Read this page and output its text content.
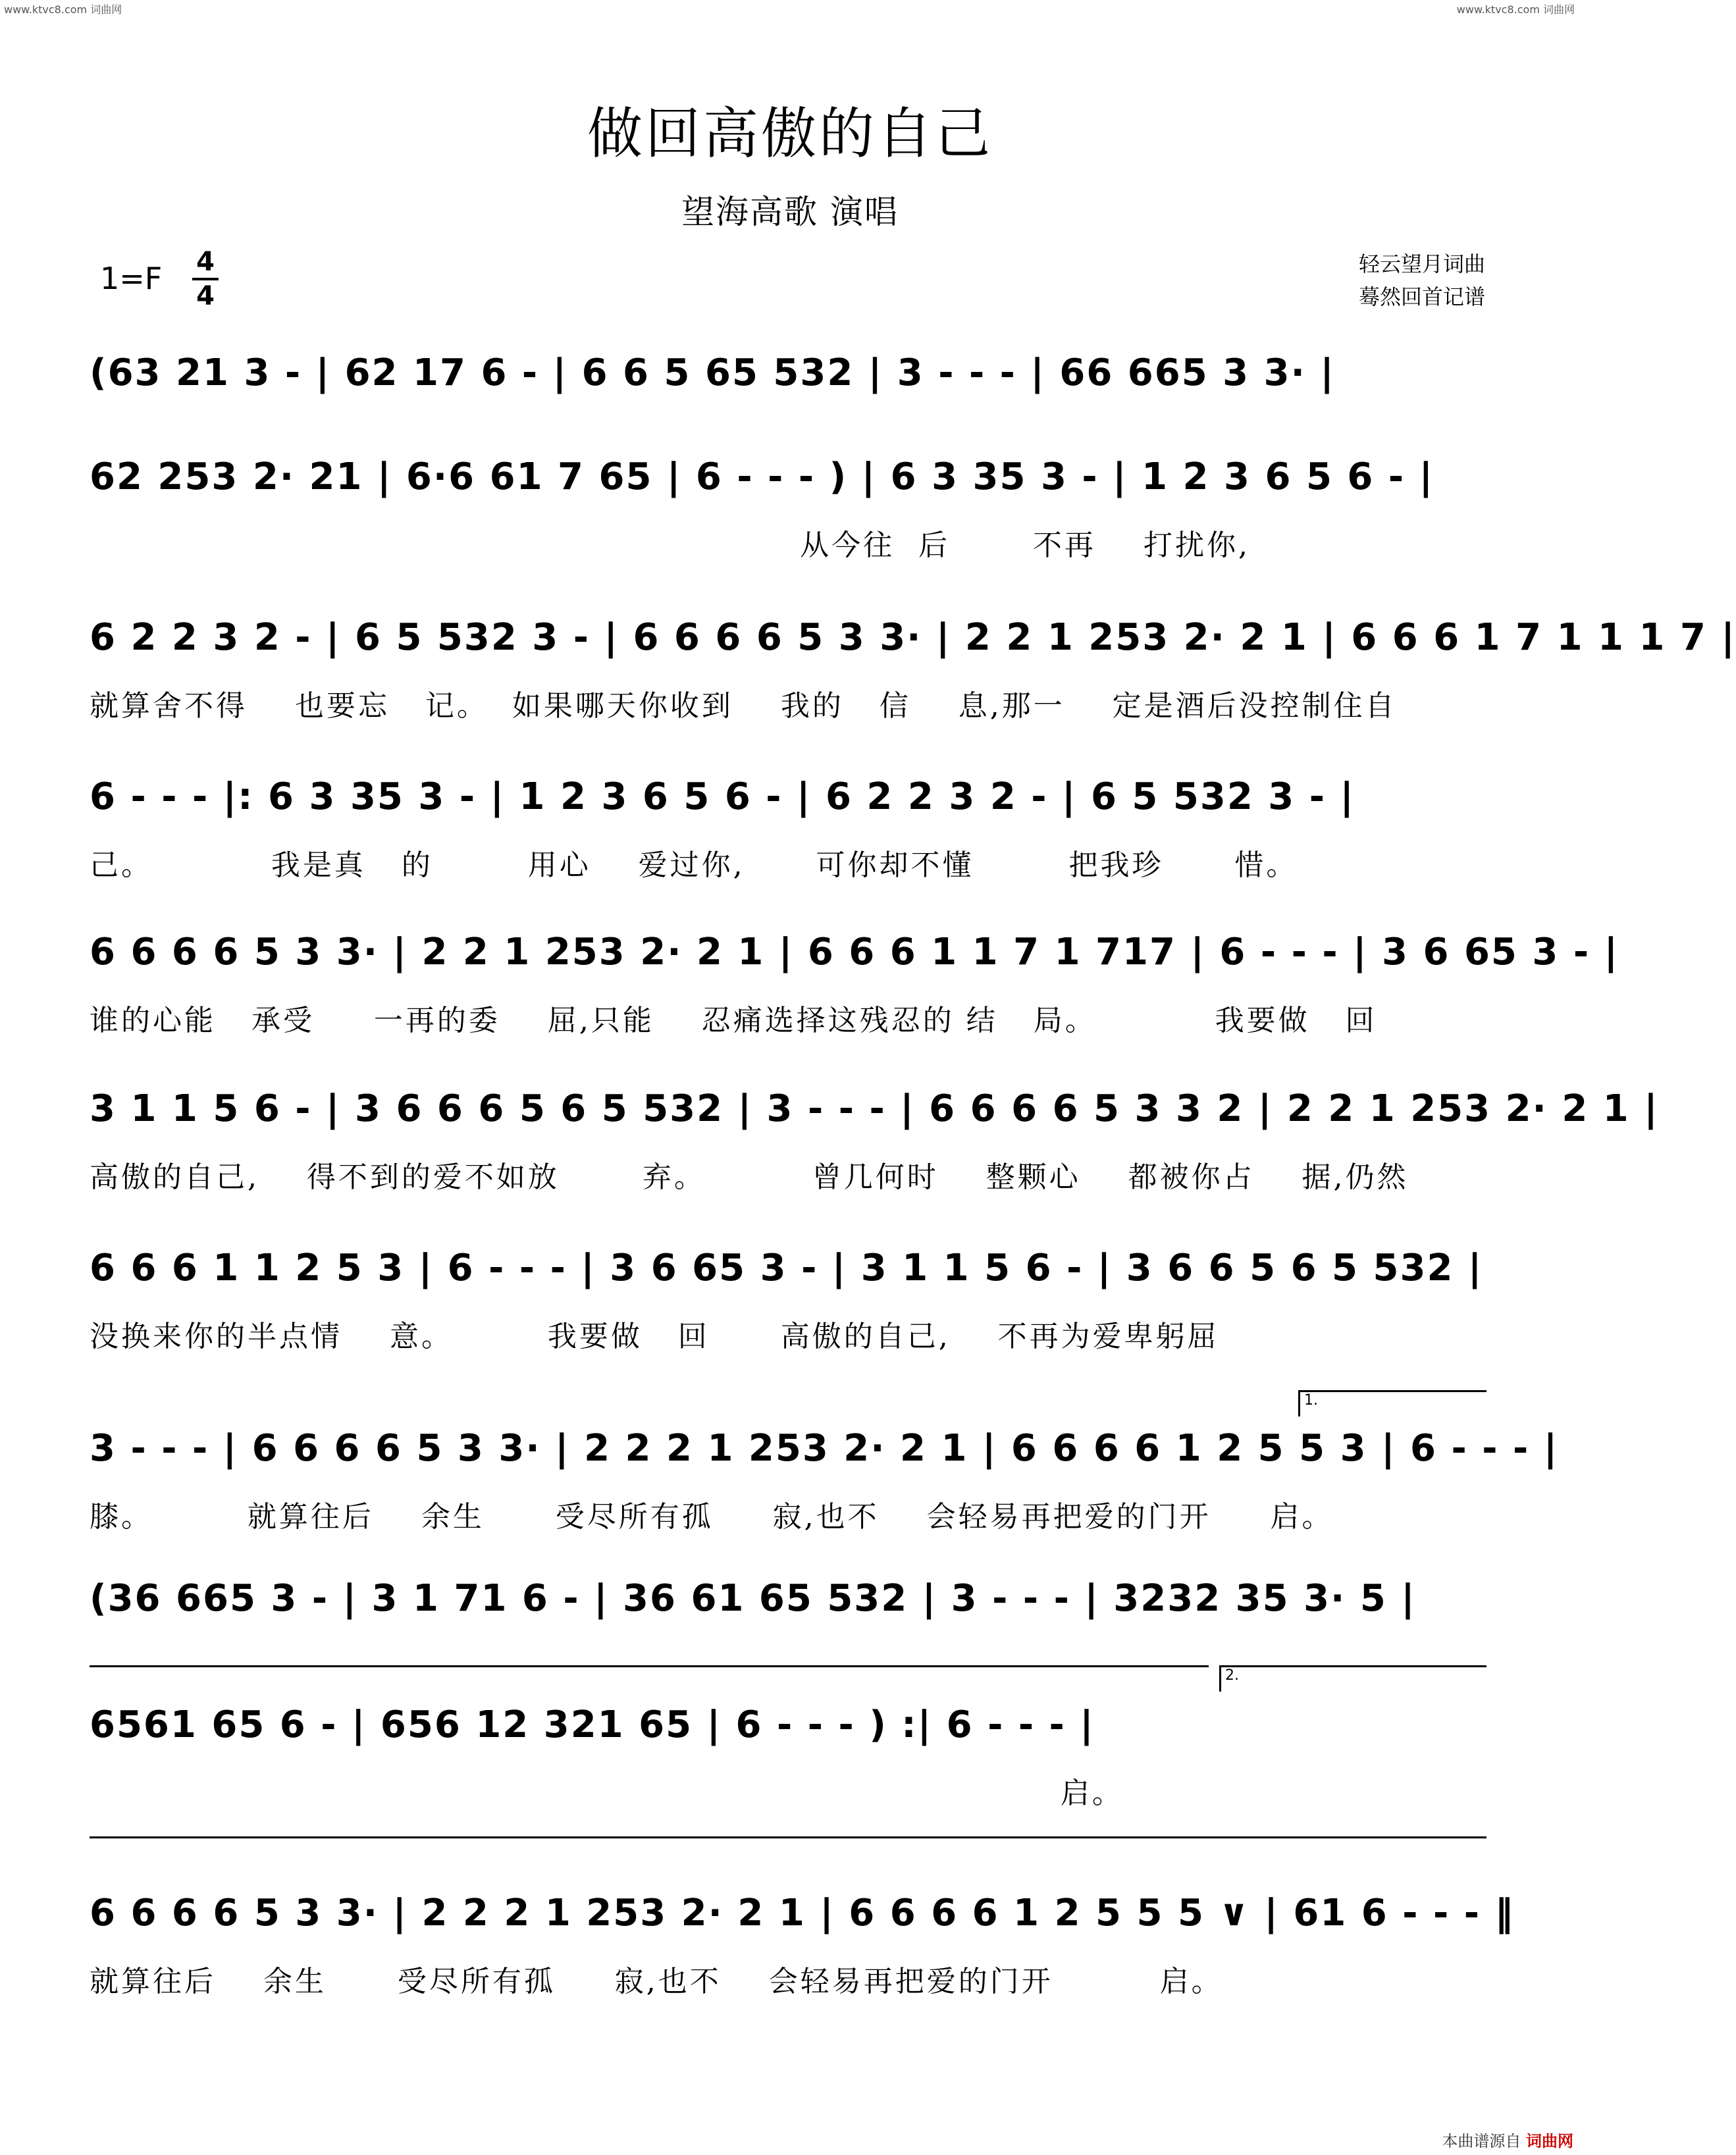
www.ktvc8.com 词曲网	www.ktvc8.com 词曲网
本曲谱源自 词曲网
做回高傲的自己
望海高歌 演唱
1=F 4
4
轻云望月词曲
蓦然回首记谱
(63 21 3 - | 62 17 6 - | 6 6 5 65 532 | 3 - - - | 66 665 3 3· |
62 253 2· 21 | 6·6 61 7 65 | 6 - - - ) | 6 3 35 3 - | 1 2 3 6 5 6 - |
从今往  后       不再    打扰你,
6 2 2 3 2 - | 6 5 532 3 - | 6 6 6 6 5 3 3· | 2 2 1 253 2· 2 1 | 6 6 6 1 7 1 1 1 7 |
就算舍不得    也要忘   记。  如果哪天你收到    我的   信    息,那一    定是酒后没控制住自
6 - - - |: 6 3 35 3 - | 1 2 3 6 5 6 - | 6 2 2 3 2 - | 6 5 532 3 - |
己。          我是真   的        用心    爱过你,      可你却不懂        把我珍      惜。
6 6 6 6 5 3 3· | 2 2 1 253 2· 2 1 | 6 6 6 1 1 7 1 717 | 6 - - - | 3 6 65 3 - |
谁的心能   承受     一再的委    屈,只能    忍痛选择这残忍的 结   局。          我要做   回
3 1 1 5 6 - | 3 6 6 6 5 6 5 532 | 3 - - - | 6 6 6 6 5 3 3 2 | 2 2 1 253 2· 2 1 |
高傲的自己,    得不到的爱不如放       弃。         曾几何时    整颗心    都被你占    据,仍然
6 6 6 1 1 2 5 3 | 6 - - - | 3 6 65 3 - | 3 1 1 5 6 - | 3 6 6 5 6 5 532 |
没换来你的半点情    意。        我要做   回      高傲的自己,    不再为爱卑躬屈
1.
3 - - - | 6 6 6 6 5 3 3· | 2 2 2 1 253 2· 2 1 | 6 6 6 6 1 2 5 5 3 | 6 - - - |
膝。        就算往后    余生      受尽所有孤     寂,也不    会轻易再把爱的门开     启。
(36 665 3 - | 3 1 71 6 - | 36 61 65 532 | 3 - - - | 3232 35 3· 5 |
2.
6561 65 6 - | 656 12 321 65 | 6 - - - ) :| 6 - - - |
启。
6 6 6 6 5 3 3· | 2 2 2 1 253 2· 2 1 | 6 6 6 6 1 2 5 5 5 ∨ | 61 6 - - - ‖
就算往后    余生      受尽所有孤     寂,也不    会轻易再把爱的门开         启。
